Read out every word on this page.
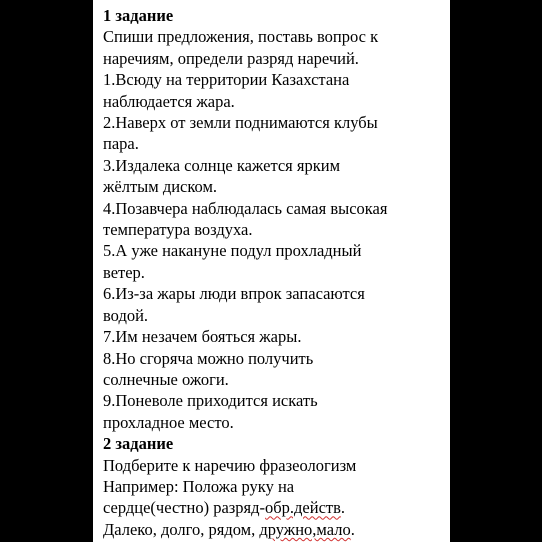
1 задание
Спиши предложения, поставь вопрос к
наречиям, определи разряд наречий.
1.Всюду на территории Казахстана
наблюдается жара.
2.Наверх от земли поднимаются клубы
пара.
3.Издалека солнце кажется ярким
жёлтым диском.
4.Позавчера наблюдалась самая высокая
температура воздуха.
5.А уже накануне подул прохладный
ветер.
6.Из-за жары люди впрок запасаются
водой.
7.Им незачем бояться жары.
8.Но сгоряча можно получить
солнечные ожоги.
9.Поневоле приходится искать
прохладное место.
2 задание
Подберите к наречию фразеологизм
Например: Положа руку на
сердце(честно) разряд-обр.действ.
Далеко, долго, рядом, дружно,мало.
